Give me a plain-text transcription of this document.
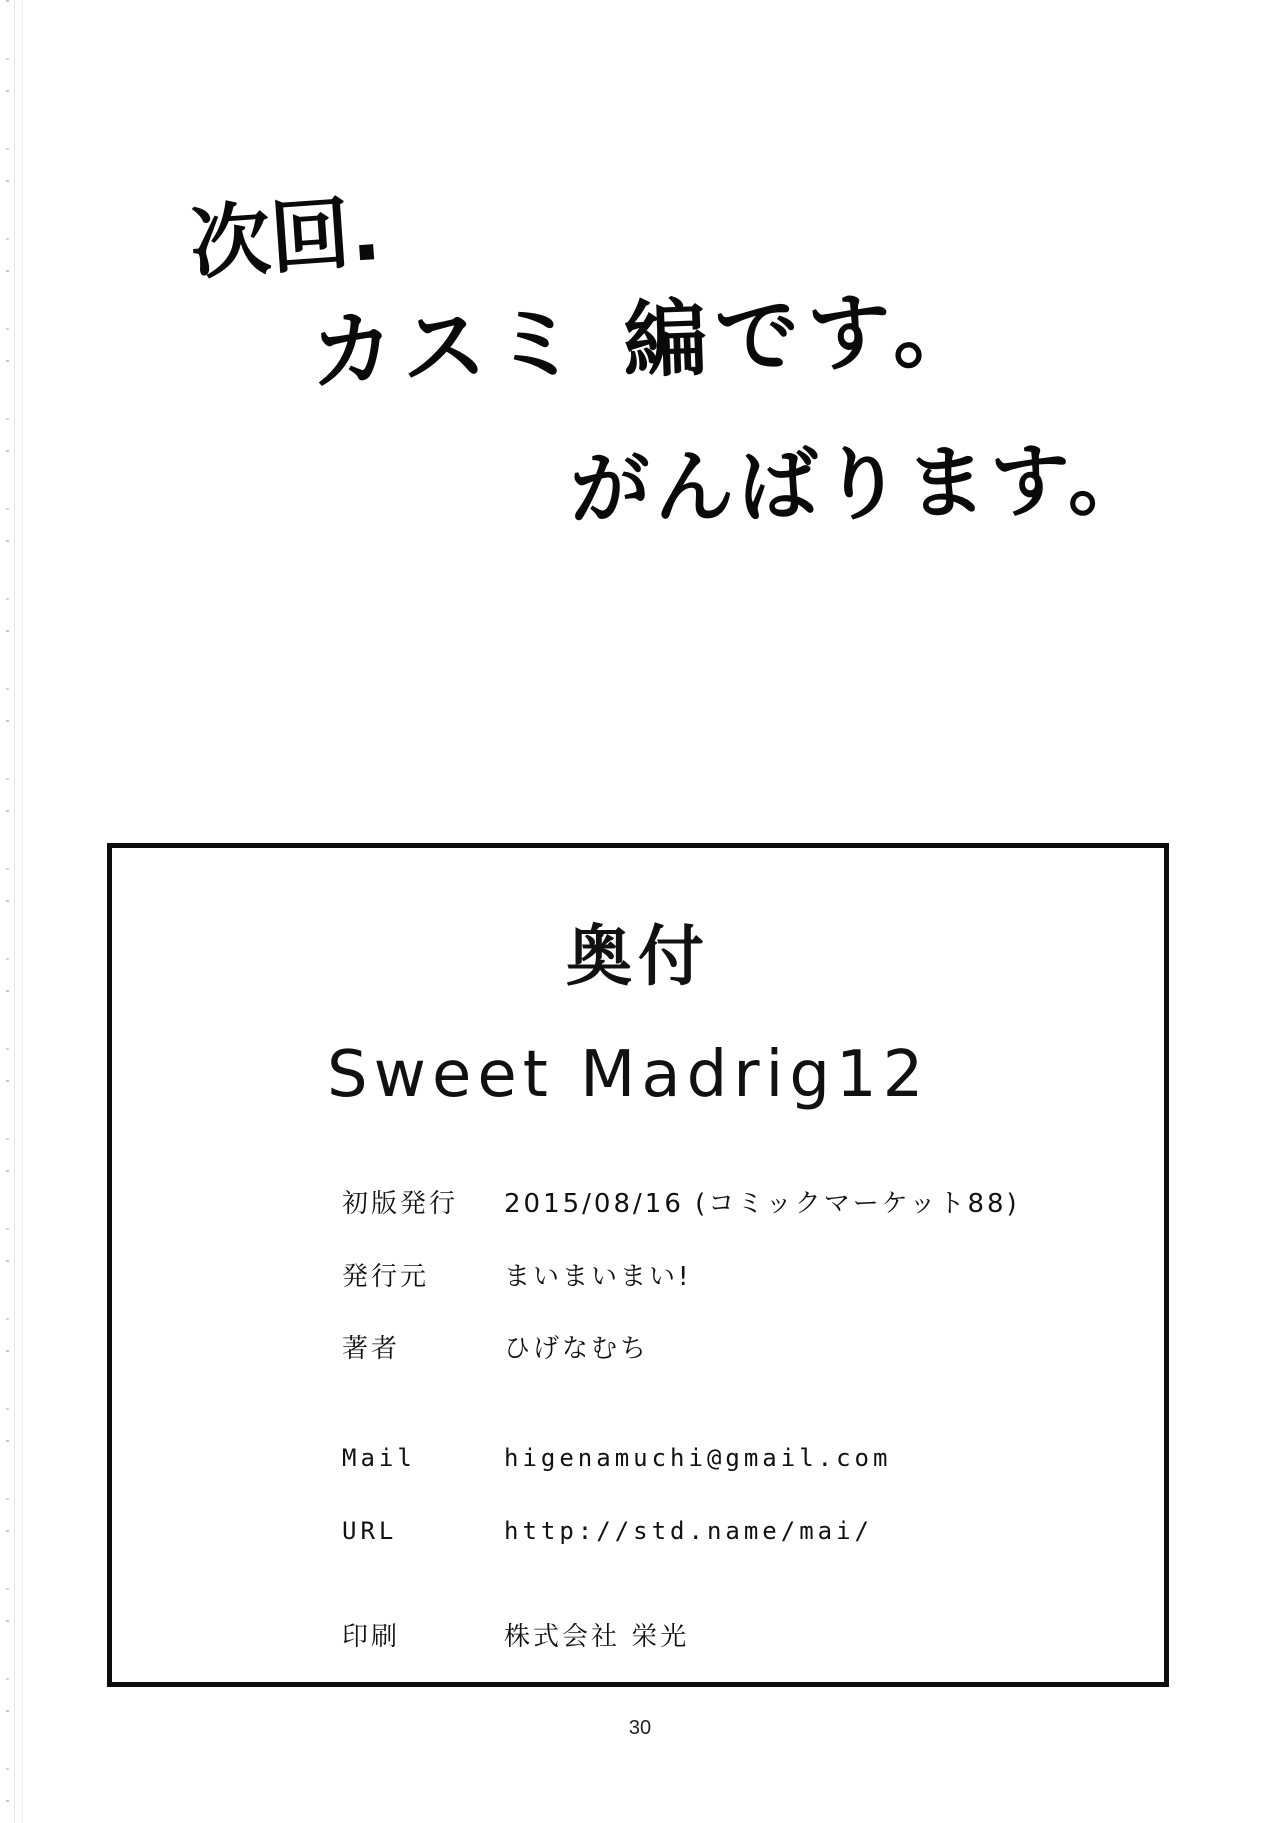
次回.
カスミ 編です。
がんばります。
奥付
Sweet Madrig12
初版発行	2015/08/16 (コミックマーケット88)
発行元	まいまいまい!
著者	ひげなむち
Mail	higenamuchi@gmail.com
URL	http://std.name/mai/
印刷	株式会社 栄光
30
